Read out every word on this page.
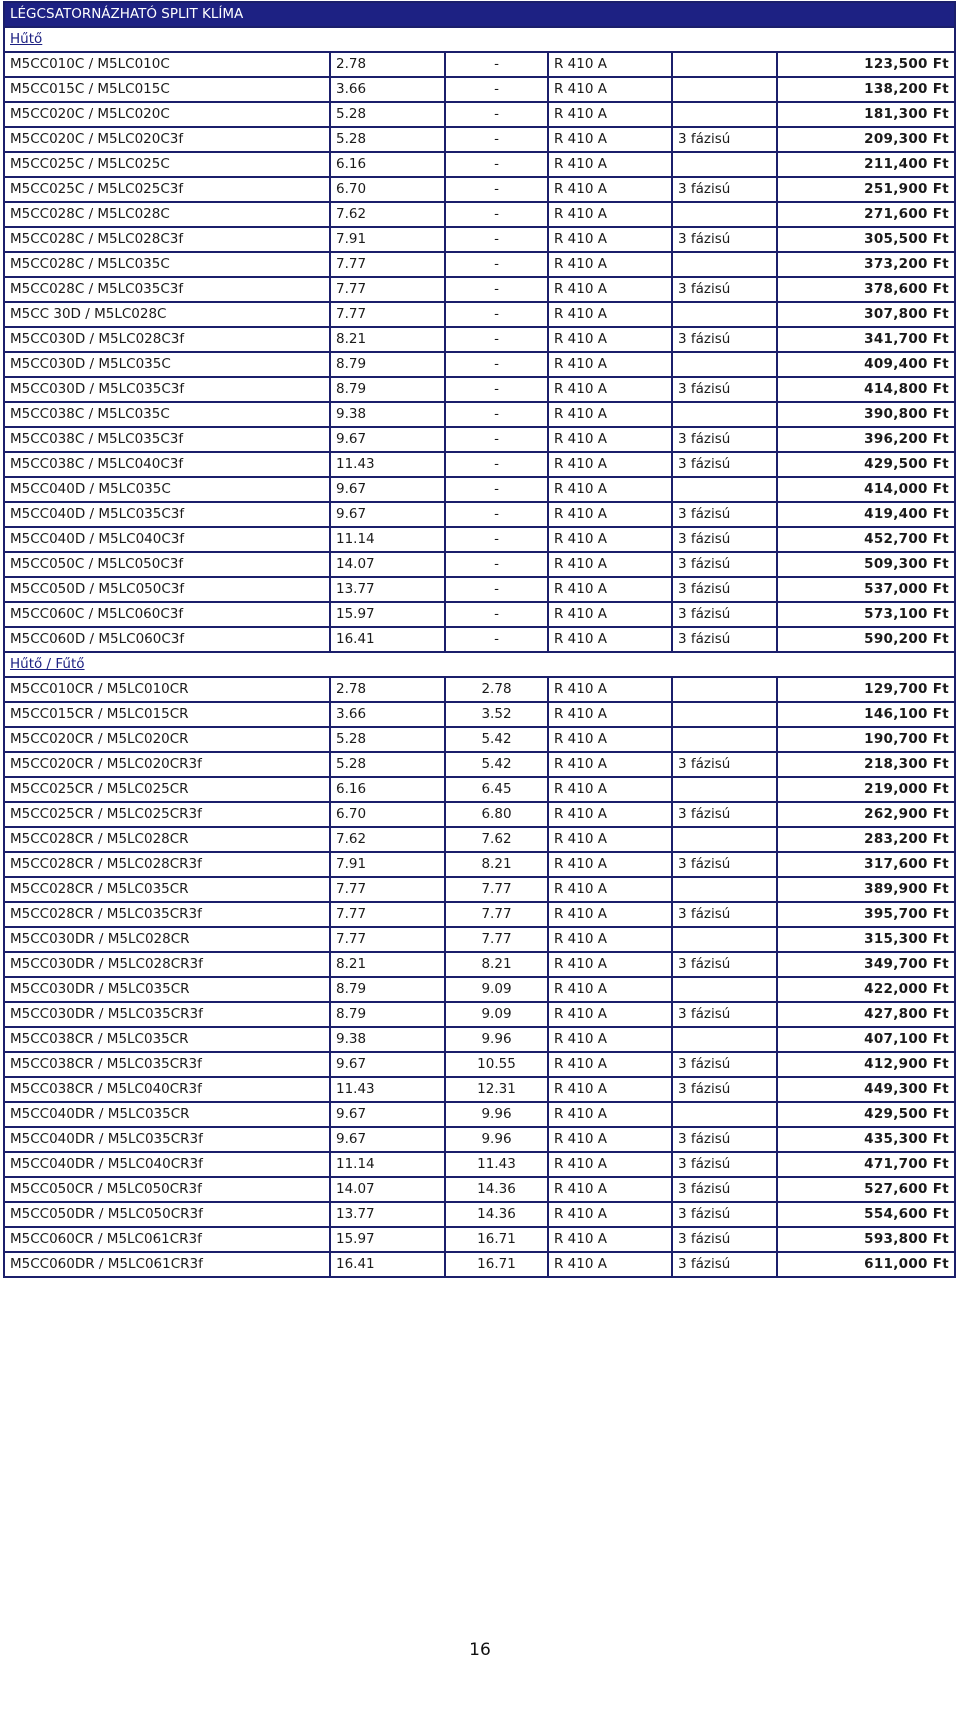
LÉGCSATORNÁZHATÓ SPLIT KLÍMA					
Hűtő					
M5CC010C / M5LC010C	2.78	-	R 410 A		123,500 Ft
M5CC015C / M5LC015C	3.66	-	R 410 A		138,200 Ft
M5CC020C / M5LC020C	5.28	-	R 410 A		181,300 Ft
M5CC020C / M5LC020C3f	5.28	-	R 410 A	3 fázisú	209,300 Ft
M5CC025C / M5LC025C	6.16	-	R 410 A		211,400 Ft
M5CC025C / M5LC025C3f	6.70	-	R 410 A	3 fázisú	251,900 Ft
M5CC028C / M5LC028C	7.62	-	R 410 A		271,600 Ft
M5CC028C / M5LC028C3f	7.91	-	R 410 A	3 fázisú	305,500 Ft
M5CC028C / M5LC035C	7.77	-	R 410 A		373,200 Ft
M5CC028C / M5LC035C3f	7.77	-	R 410 A	3 fázisú	378,600 Ft
M5CC 30D / M5LC028C	7.77	-	R 410 A		307,800 Ft
M5CC030D / M5LC028C3f	8.21	-	R 410 A	3 fázisú	341,700 Ft
M5CC030D / M5LC035C	8.79	-	R 410 A		409,400 Ft
M5CC030D / M5LC035C3f	8.79	-	R 410 A	3 fázisú	414,800 Ft
M5CC038C / M5LC035C	9.38	-	R 410 A		390,800 Ft
M5CC038C / M5LC035C3f	9.67	-	R 410 A	3 fázisú	396,200 Ft
M5CC038C / M5LC040C3f	11.43	-	R 410 A	3 fázisú	429,500 Ft
M5CC040D / M5LC035C	9.67	-	R 410 A		414,000 Ft
M5CC040D / M5LC035C3f	9.67	-	R 410 A	3 fázisú	419,400 Ft
M5CC040D / M5LC040C3f	11.14	-	R 410 A	3 fázisú	452,700 Ft
M5CC050C / M5LC050C3f	14.07	-	R 410 A	3 fázisú	509,300 Ft
M5CC050D / M5LC050C3f	13.77	-	R 410 A	3 fázisú	537,000 Ft
M5CC060C / M5LC060C3f	15.97	-	R 410 A	3 fázisú	573,100 Ft
M5CC060D / M5LC060C3f	16.41	-	R 410 A	3 fázisú	590,200 Ft
Hűtő / Fűtő					
M5CC010CR / M5LC010CR	2.78	2.78	R 410 A		129,700 Ft
M5CC015CR / M5LC015CR	3.66	3.52	R 410 A		146,100 Ft
M5CC020CR / M5LC020CR	5.28	5.42	R 410 A		190,700 Ft
M5CC020CR / M5LC020CR3f	5.28	5.42	R 410 A	3 fázisú	218,300 Ft
M5CC025CR / M5LC025CR	6.16	6.45	R 410 A		219,000 Ft
M5CC025CR / M5LC025CR3f	6.70	6.80	R 410 A	3 fázisú	262,900 Ft
M5CC028CR / M5LC028CR	7.62	7.62	R 410 A		283,200 Ft
M5CC028CR / M5LC028CR3f	7.91	8.21	R 410 A	3 fázisú	317,600 Ft
M5CC028CR / M5LC035CR	7.77	7.77	R 410 A		389,900 Ft
M5CC028CR / M5LC035CR3f	7.77	7.77	R 410 A	3 fázisú	395,700 Ft
M5CC030DR / M5LC028CR	7.77	7.77	R 410 A		315,300 Ft
M5CC030DR / M5LC028CR3f	8.21	8.21	R 410 A	3 fázisú	349,700 Ft
M5CC030DR / M5LC035CR	8.79	9.09	R 410 A		422,000 Ft
M5CC030DR / M5LC035CR3f	8.79	9.09	R 410 A	3 fázisú	427,800 Ft
M5CC038CR / M5LC035CR	9.38	9.96	R 410 A		407,100 Ft
M5CC038CR / M5LC035CR3f	9.67	10.55	R 410 A	3 fázisú	412,900 Ft
M5CC038CR / M5LC040CR3f	11.43	12.31	R 410 A	3 fázisú	449,300 Ft
M5CC040DR / M5LC035CR	9.67	9.96	R 410 A		429,500 Ft
M5CC040DR / M5LC035CR3f	9.67	9.96	R 410 A	3 fázisú	435,300 Ft
M5CC040DR / M5LC040CR3f	11.14	11.43	R 410 A	3 fázisú	471,700 Ft
M5CC050CR / M5LC050CR3f	14.07	14.36	R 410 A	3 fázisú	527,600 Ft
M5CC050DR / M5LC050CR3f	13.77	14.36	R 410 A	3 fázisú	554,600 Ft
M5CC060CR / M5LC061CR3f	15.97	16.71	R 410 A	3 fázisú	593,800 Ft
M5CC060DR / M5LC061CR3f	16.41	16.71	R 410 A	3 fázisú	611,000 Ft
16
